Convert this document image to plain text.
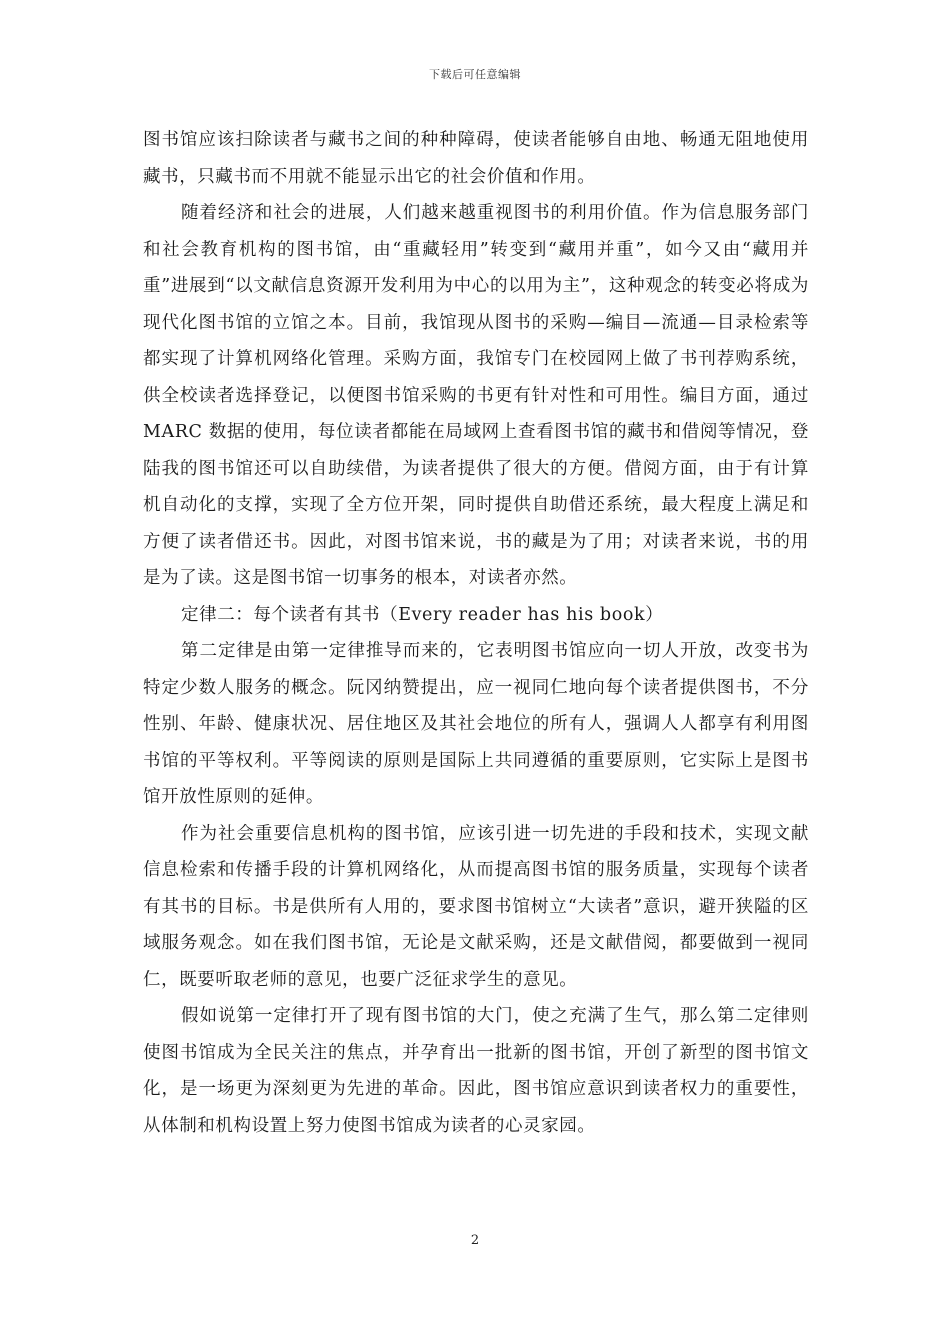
下载后可任意编辑

图书馆应该扫除读者与藏书之间的种种障碍，使读者能够自由地、畅通无阻地使用藏书，只藏书而不用就不能显示出它的社会价值和作用。

随着经济和社会的进展，人们越来越重视图书的利用价值。作为信息服务部门和社会教育机构的图书馆，由“重藏轻用”转变到“藏用并重”，如今又由“藏用并重”进展到“以文献信息资源开发利用为中心的以用为主”，这种观念的转变必将成为现代化图书馆的立馆之本。目前，我馆现从图书的采购—编目—流通—目录检索等都实现了计算机网络化管理。采购方面，我馆专门在校园网上做了书刊荐购系统，供全校读者选择登记，以便图书馆采购的书更有针对性和可用性。编目方面，通过 MARC 数据的使用，每位读者都能在局域网上查看图书馆的藏书和借阅等情况，登陆我的图书馆还可以自助续借，为读者提供了很大的方便。借阅方面，由于有计算机自动化的支撑，实现了全方位开架，同时提供自助借还系统，最大程度上满足和方便了读者借还书。因此，对图书馆来说，书的藏是为了用；对读者来说，书的用是为了读。这是图书馆一切事务的根本，对读者亦然。

定律二：每个读者有其书（Every reader has his book）

第二定律是由第一定律推导而来的，它表明图书馆应向一切人开放，改变书为特定少数人服务的概念。阮冈纳赞提出，应一视同仁地向每个读者提供图书，不分性别、年龄、健康状况、居住地区及其社会地位的所有人，强调人人都享有利用图书馆的平等权利。平等阅读的原则是国际上共同遵循的重要原则，它实际上是图书馆开放性原则的延伸。

作为社会重要信息机构的图书馆，应该引进一切先进的手段和技术，实现文献信息检索和传播手段的计算机网络化，从而提高图书馆的服务质量，实现每个读者有其书的目标。书是供所有人用的，要求图书馆树立“大读者”意识，避开狭隘的区域服务观念。如在我们图书馆，无论是文献采购，还是文献借阅，都要做到一视同仁，既要听取老师的意见，也要广泛征求学生的意见。

假如说第一定律打开了现有图书馆的大门，使之充满了生气，那么第二定律则使图书馆成为全民关注的焦点，并孕育出一批新的图书馆，开创了新型的图书馆文化，是一场更为深刻更为先进的革命。因此，图书馆应意识到读者权力的重要性，从体制和机构设置上努力使图书馆成为读者的心灵家园。

2
